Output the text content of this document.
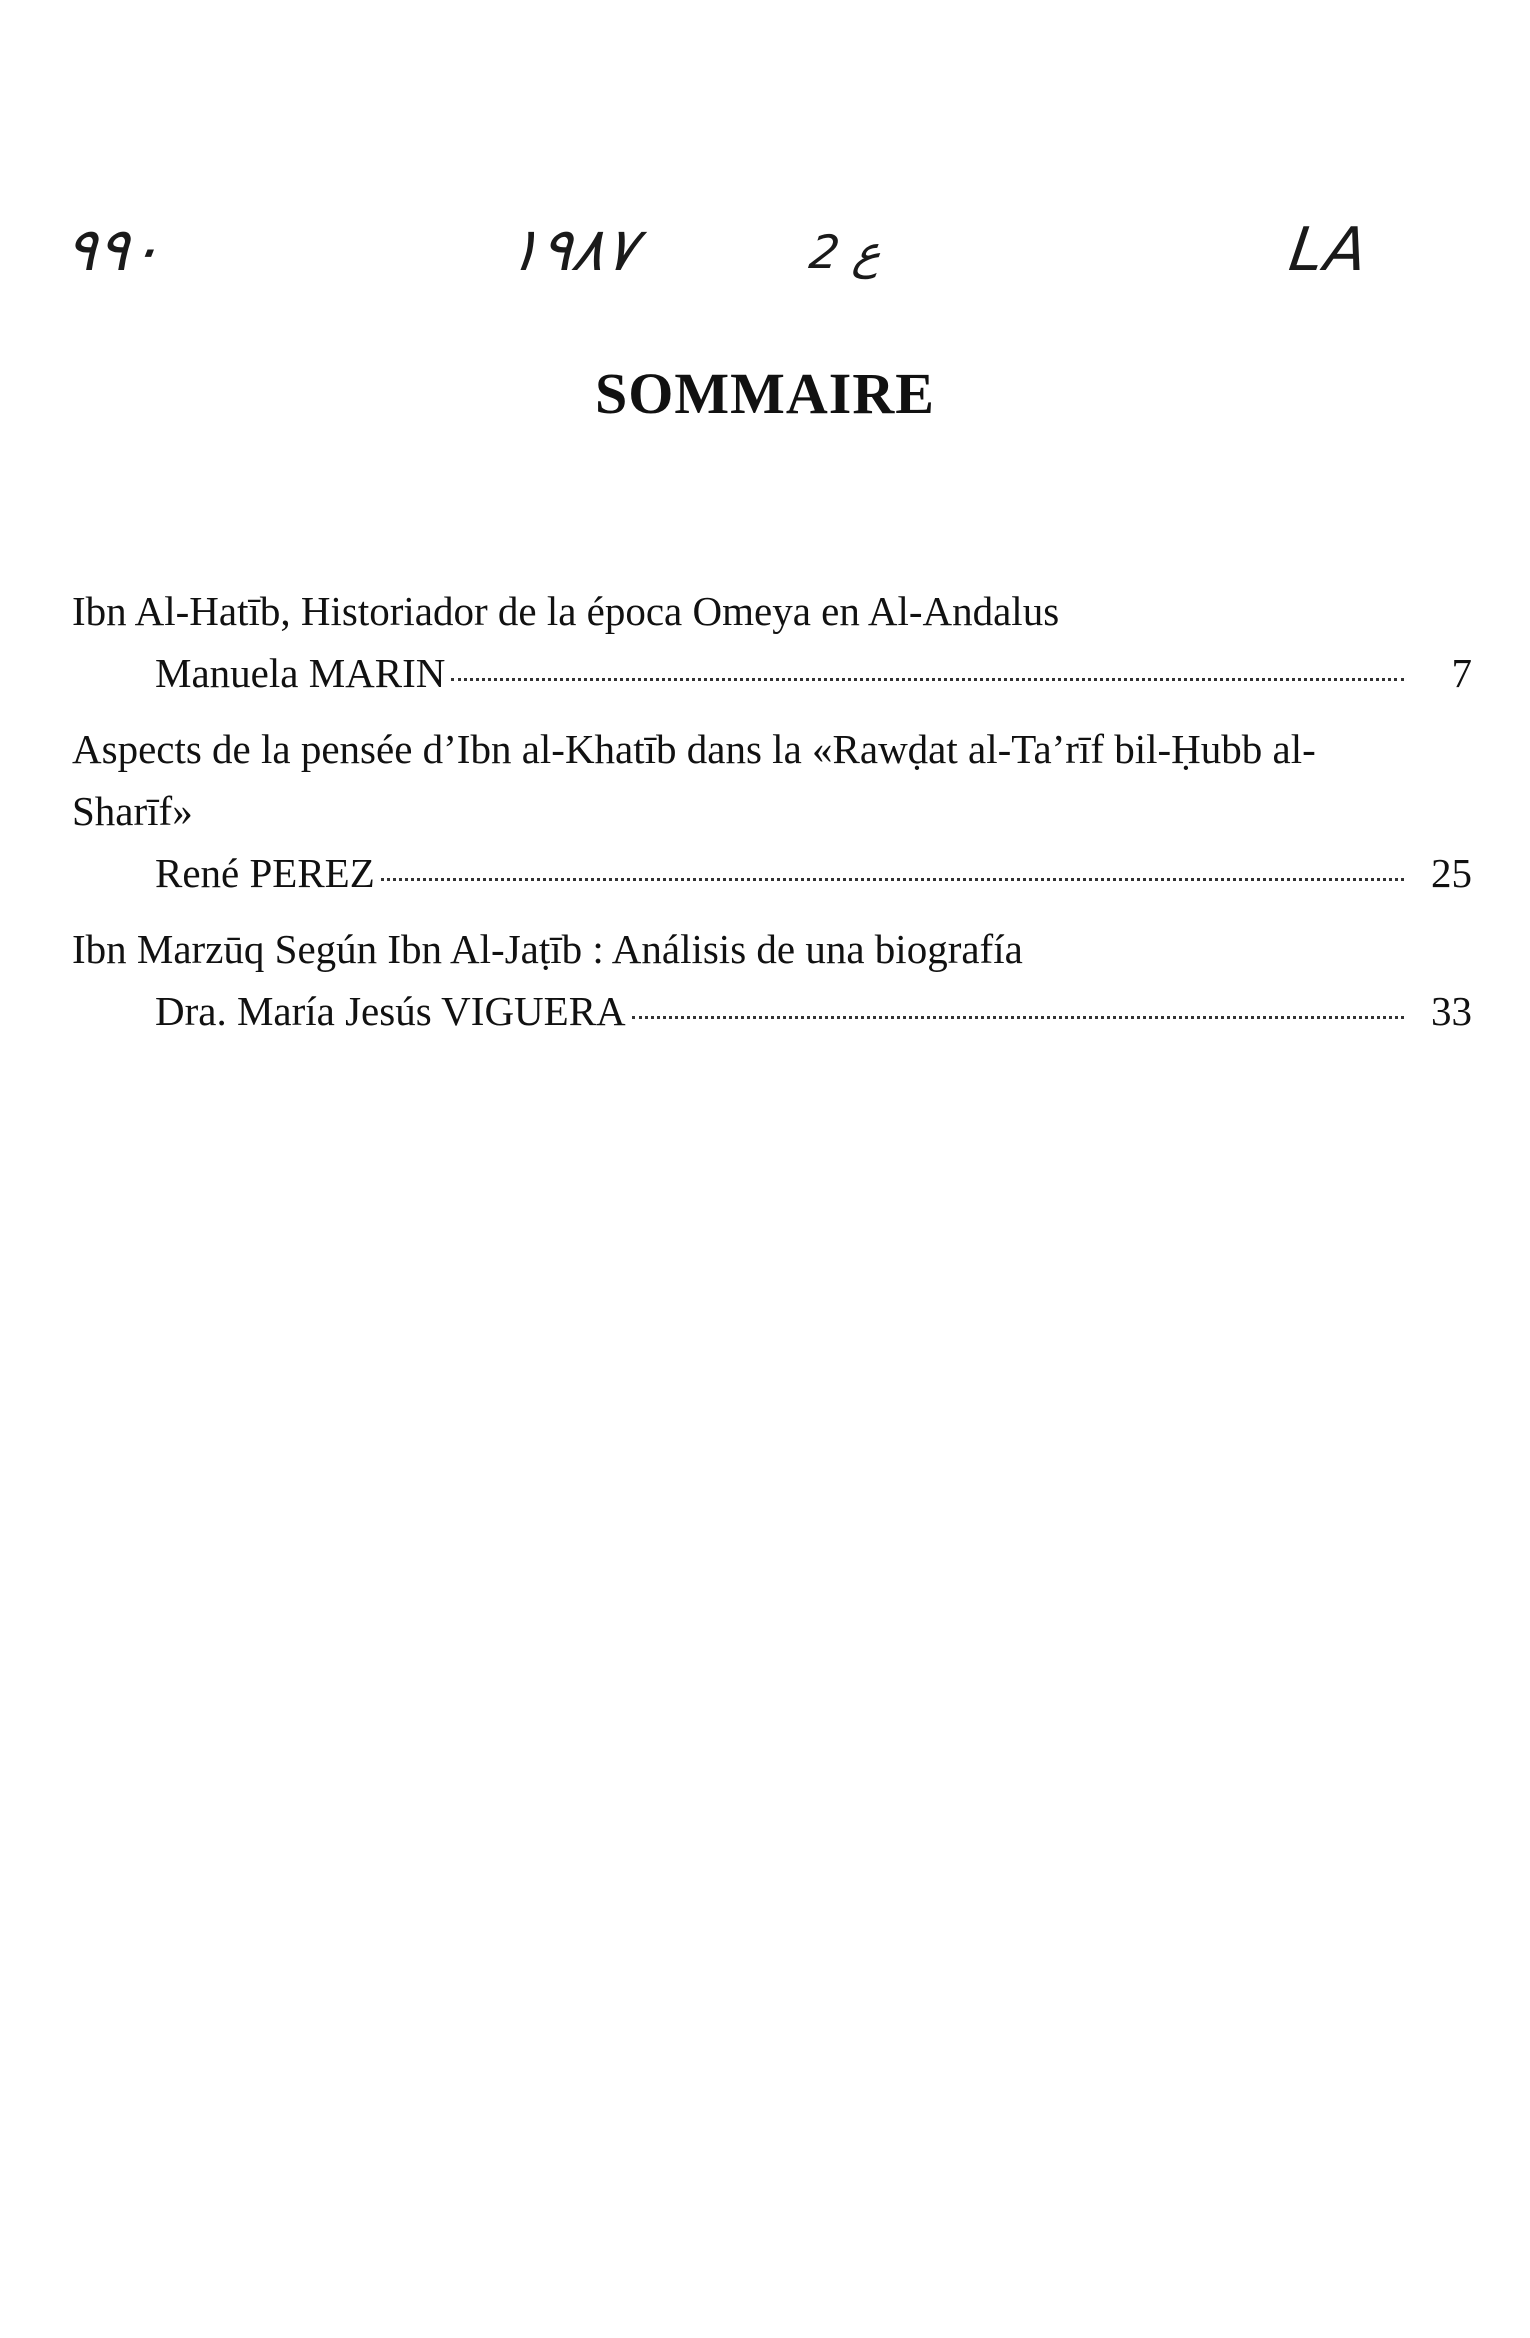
٩٩٠	١٩٨٧	ع 2	LA
SOMMAIRE
Ibn Al-Hatīb, Historiador de la época Omeya en Al-Andalus
Manuela MARIN	7
Aspects de la pensée d’Ibn al-Khatīb dans la «Rawḍat al-Ta’rīf bil-Ḥubb al-Sharīf»
René PEREZ	25
Ibn Marzūq Según Ibn Al-Jaṭīb : Análisis de una biografía
Dra. María Jesús VIGUERA	33
